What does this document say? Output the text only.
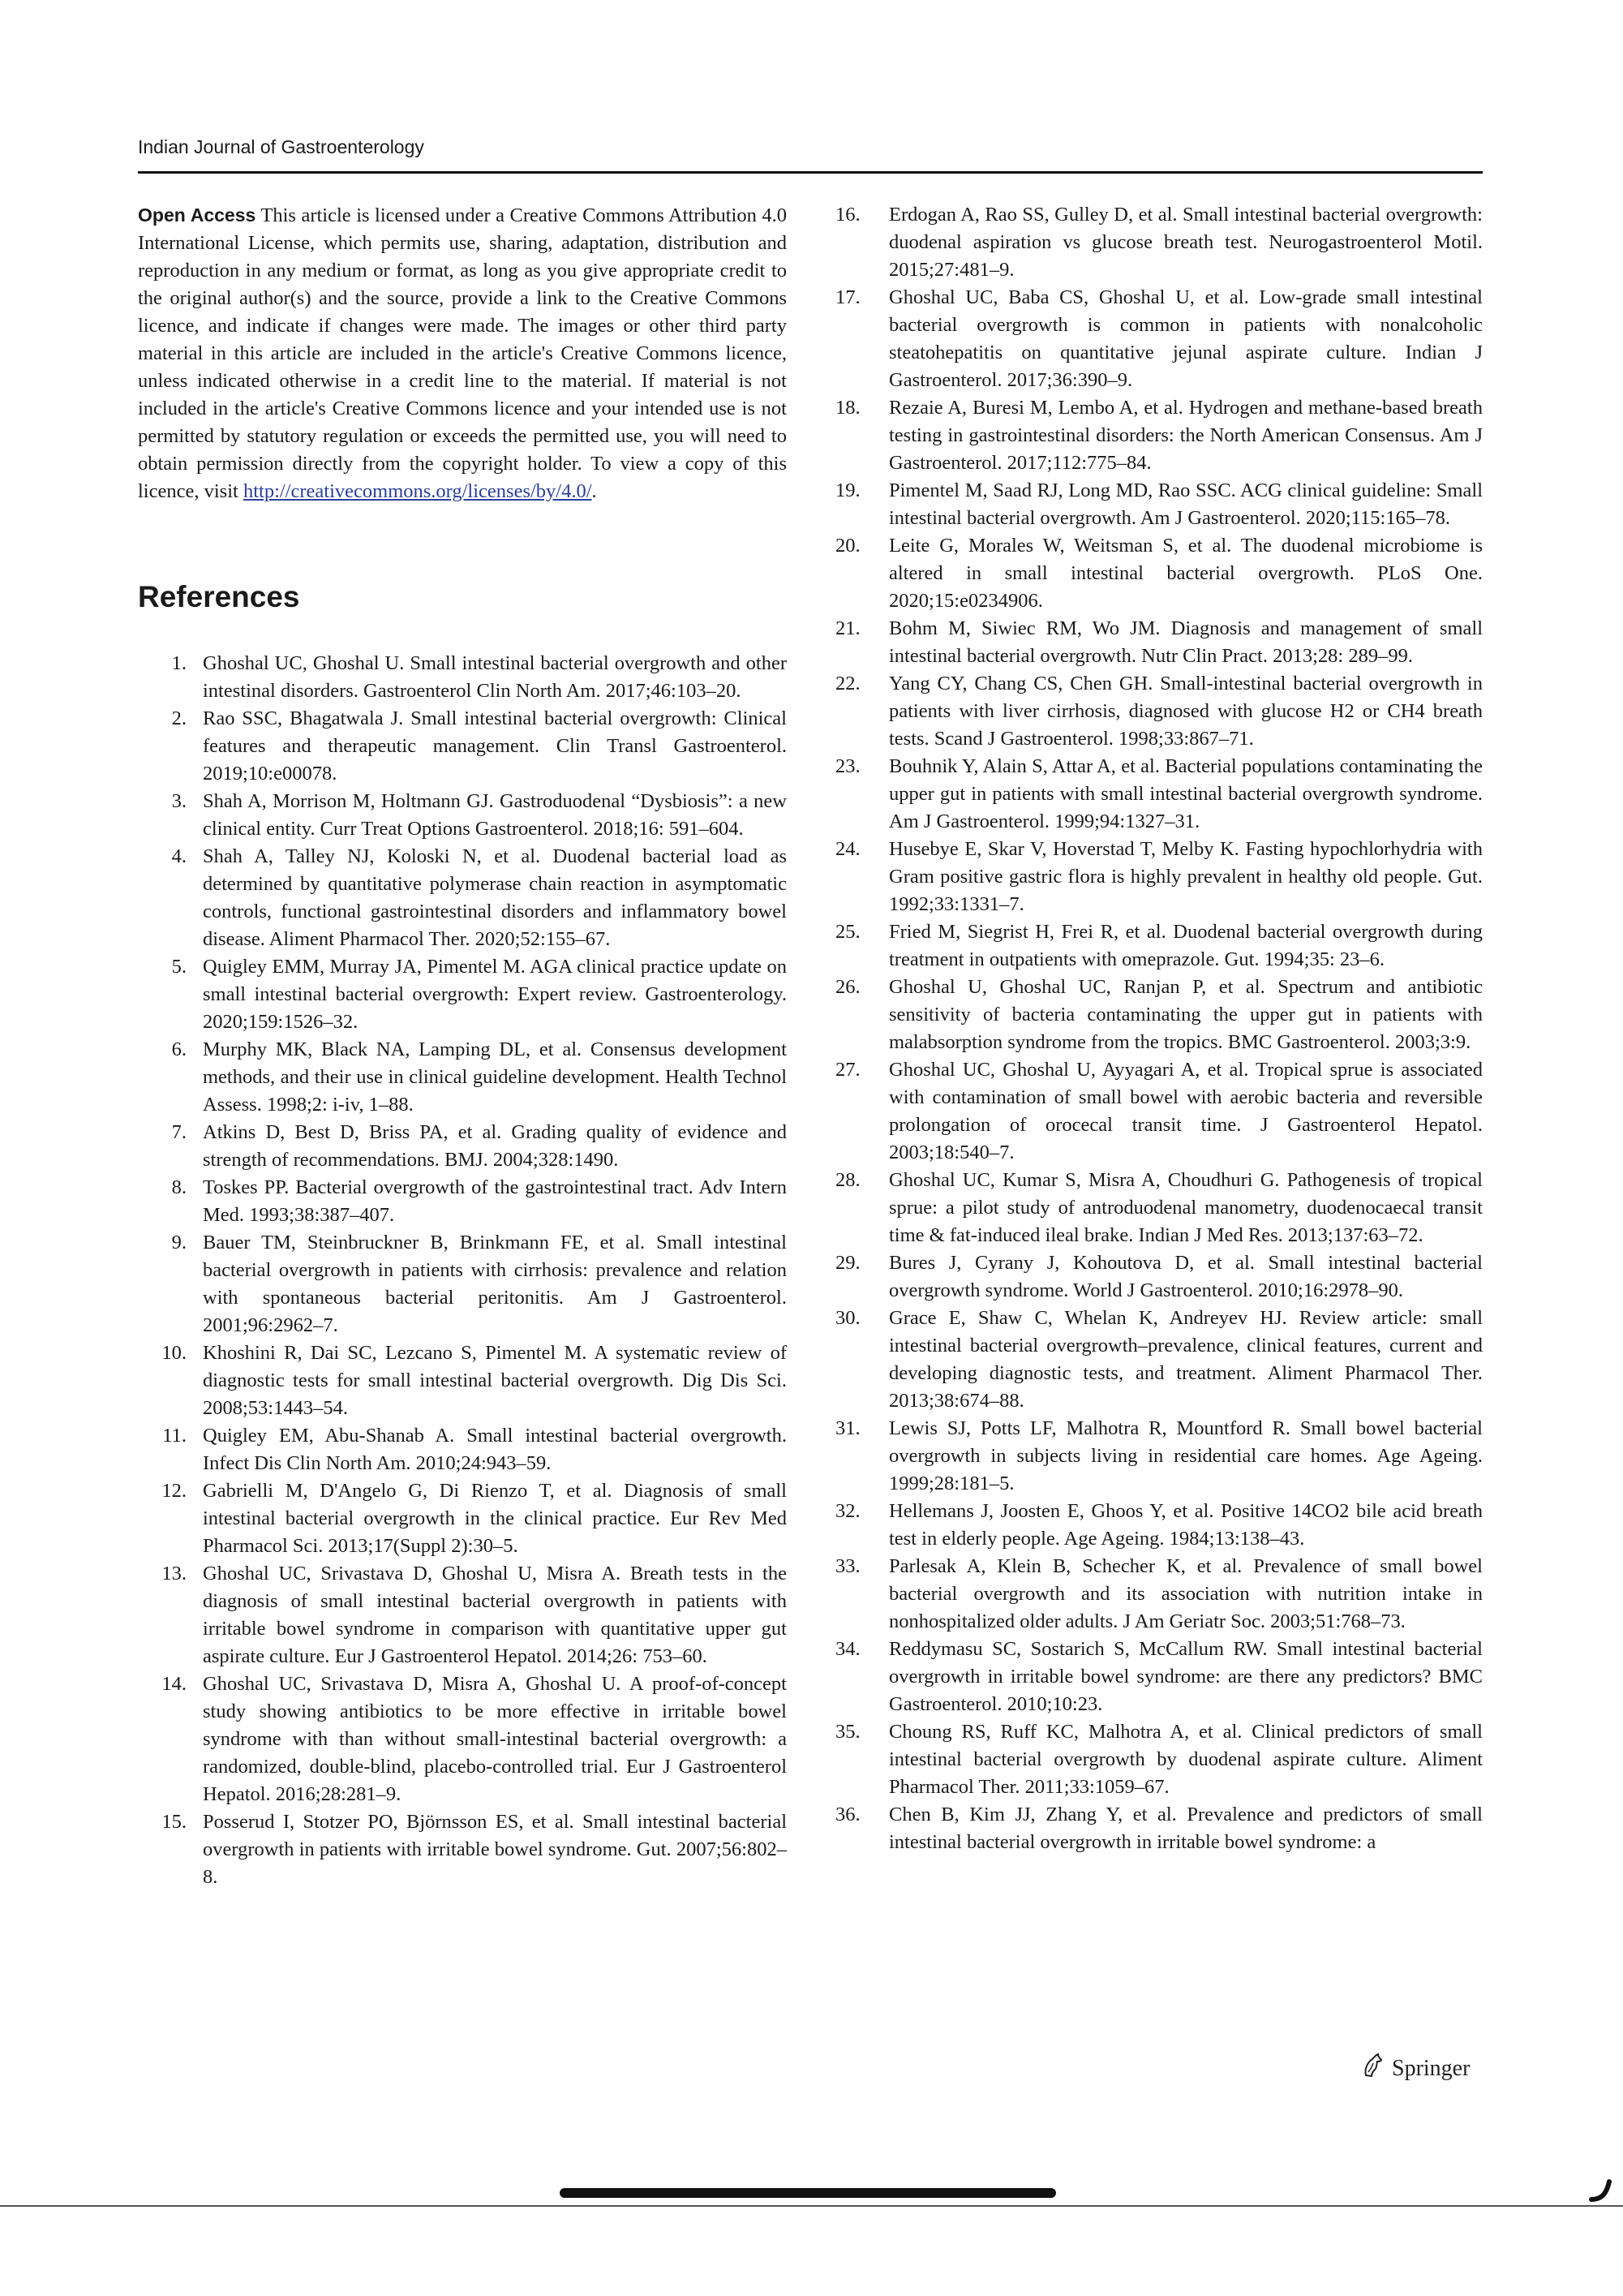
Indian Journal of Gastroenterology

Open Access This article is licensed under a Creative Commons Attribution 4.0 International License, which permits use, sharing, adaptation, distribution and reproduction in any medium or format, as long as you give appropriate credit to the original author(s) and the source, provide a link to the Creative Commons licence, and indicate if changes were made. The images or other third party material in this article are included in the article's Creative Commons licence, unless indicated otherwise in a credit line to the material. If material is not included in the article's Creative Commons licence and your intended use is not permitted by statutory regulation or exceeds the permitted use, you will need to obtain permission directly from the copyright holder. To view a copy of this licence, visit http://creativecommons.org/licenses/by/4.0/.

References
1. Ghoshal UC, Ghoshal U. Small intestinal bacterial overgrowth and other intestinal disorders. Gastroenterol Clin North Am. 2017;46:103–20.
2. Rao SSC, Bhagatwala J. Small intestinal bacterial overgrowth: Clinical features and therapeutic management. Clin Transl Gastroenterol. 2019;10:e00078.
3. Shah A, Morrison M, Holtmann GJ. Gastroduodenal “Dysbiosis”: a new clinical entity. Curr Treat Options Gastroenterol. 2018;16: 591–604.
4. Shah A, Talley NJ, Koloski N, et al. Duodenal bacterial load as determined by quantitative polymerase chain reaction in asymptomatic controls, functional gastrointestinal disorders and inflammatory bowel disease. Aliment Pharmacol Ther. 2020;52:155–67.
5. Quigley EMM, Murray JA, Pimentel M. AGA clinical practice update on small intestinal bacterial overgrowth: Expert review. Gastroenterology. 2020;159:1526–32.
6. Murphy MK, Black NA, Lamping DL, et al. Consensus development methods, and their use in clinical guideline development. Health Technol Assess. 1998;2: i-iv, 1–88.
7. Atkins D, Best D, Briss PA, et al. Grading quality of evidence and strength of recommendations. BMJ. 2004;328:1490.
8. Toskes PP. Bacterial overgrowth of the gastrointestinal tract. Adv Intern Med. 1993;38:387–407.
9. Bauer TM, Steinbruckner B, Brinkmann FE, et al. Small intestinal bacterial overgrowth in patients with cirrhosis: prevalence and relation with spontaneous bacterial peritonitis. Am J Gastroenterol. 2001;96:2962–7.
10. Khoshini R, Dai SC, Lezcano S, Pimentel M. A systematic review of diagnostic tests for small intestinal bacterial overgrowth. Dig Dis Sci. 2008;53:1443–54.
11. Quigley EM, Abu-Shanab A. Small intestinal bacterial overgrowth. Infect Dis Clin North Am. 2010;24:943–59.
12. Gabrielli M, D'Angelo G, Di Rienzo T, et al. Diagnosis of small intestinal bacterial overgrowth in the clinical practice. Eur Rev Med Pharmacol Sci. 2013;17(Suppl 2):30–5.
13. Ghoshal UC, Srivastava D, Ghoshal U, Misra A. Breath tests in the diagnosis of small intestinal bacterial overgrowth in patients with irritable bowel syndrome in comparison with quantitative upper gut aspirate culture. Eur J Gastroenterol Hepatol. 2014;26: 753–60.
14. Ghoshal UC, Srivastava D, Misra A, Ghoshal U. A proof-of-concept study showing antibiotics to be more effective in irritable bowel syndrome with than without small-intestinal bacterial overgrowth: a randomized, double-blind, placebo-controlled trial. Eur J Gastroenterol Hepatol. 2016;28:281–9.
15. Posserud I, Stotzer PO, Björnsson ES, et al. Small intestinal bacterial overgrowth in patients with irritable bowel syndrome. Gut. 2007;56:802–8.
16.	Erdogan A, Rao SS, Gulley D, et al. Small intestinal bacterial overgrowth: duodenal aspiration vs glucose breath test. Neurogastroenterol Motil. 2015;27:481–9.
17.	Ghoshal UC, Baba CS, Ghoshal U, et al. Low-grade small intestinal bacterial overgrowth is common in patients with nonalcoholic steatohepatitis on quantitative jejunal aspirate culture. Indian J Gastroenterol. 2017;36:390–9.
18.	Rezaie A, Buresi M, Lembo A, et al. Hydrogen and methane-based breath testing in gastrointestinal disorders: the North American Consensus. Am J Gastroenterol. 2017;112:775–84.
19.	Pimentel M, Saad RJ, Long MD, Rao SSC. ACG clinical guideline: Small intestinal bacterial overgrowth. Am J Gastroenterol. 2020;115:165–78.
20.	Leite G, Morales W, Weitsman S, et al. The duodenal microbiome is altered in small intestinal bacterial overgrowth. PLoS One. 2020;15:e0234906.
21.	Bohm M, Siwiec RM, Wo JM. Diagnosis and management of small intestinal bacterial overgrowth. Nutr Clin Pract. 2013;28: 289–99.
22.	Yang CY, Chang CS, Chen GH. Small-intestinal bacterial overgrowth in patients with liver cirrhosis, diagnosed with glucose H2 or CH4 breath tests. Scand J Gastroenterol. 1998;33:867–71.
23.	Bouhnik Y, Alain S, Attar A, et al. Bacterial populations contaminating the upper gut in patients with small intestinal bacterial overgrowth syndrome. Am J Gastroenterol. 1999;94:1327–31.
24.	Husebye E, Skar V, Hoverstad T, Melby K. Fasting hypochlorhydria with Gram positive gastric flora is highly prevalent in healthy old people. Gut. 1992;33:1331–7.
25.	Fried M, Siegrist H, Frei R, et al. Duodenal bacterial overgrowth during treatment in outpatients with omeprazole. Gut. 1994;35: 23–6.
26.	Ghoshal U, Ghoshal UC, Ranjan P, et al. Spectrum and antibiotic sensitivity of bacteria contaminating the upper gut in patients with malabsorption syndrome from the tropics. BMC Gastroenterol. 2003;3:9.
27.	Ghoshal UC, Ghoshal U, Ayyagari A, et al. Tropical sprue is associated with contamination of small bowel with aerobic bacteria and reversible prolongation of orocecal transit time. J Gastroenterol Hepatol. 2003;18:540–7.
28.	Ghoshal UC, Kumar S, Misra A, Choudhuri G. Pathogenesis of tropical sprue: a pilot study of antroduodenal manometry, duodenocaecal transit time & fat-induced ileal brake. Indian J Med Res. 2013;137:63–72.
29.	Bures J, Cyrany J, Kohoutova D, et al. Small intestinal bacterial overgrowth syndrome. World J Gastroenterol. 2010;16:2978–90.
30.	Grace E, Shaw C, Whelan K, Andreyev HJ. Review article: small intestinal bacterial overgrowth–prevalence, clinical features, current and developing diagnostic tests, and treatment. Aliment Pharmacol Ther. 2013;38:674–88.
31.	Lewis SJ, Potts LF, Malhotra R, Mountford R. Small bowel bacterial overgrowth in subjects living in residential care homes. Age Ageing. 1999;28:181–5.
32.	Hellemans J, Joosten E, Ghoos Y, et al. Positive 14CO2 bile acid breath test in elderly people. Age Ageing. 1984;13:138–43.
33.	Parlesak A, Klein B, Schecher K, et al. Prevalence of small bowel bacterial overgrowth and its association with nutrition intake in nonhospitalized older adults. J Am Geriatr Soc. 2003;51:768–73.
34.	Reddymasu SC, Sostarich S, McCallum RW. Small intestinal bacterial overgrowth in irritable bowel syndrome: are there any predictors? BMC Gastroenterol. 2010;10:23.
35.	Choung RS, Ruff KC, Malhotra A, et al. Clinical predictors of small intestinal bacterial overgrowth by duodenal aspirate culture. Aliment Pharmacol Ther. 2011;33:1059–67.
36.	Chen B, Kim JJ, Zhang Y, et al. Prevalence and predictors of small intestinal bacterial overgrowth in irritable bowel syndrome: a
Springer
